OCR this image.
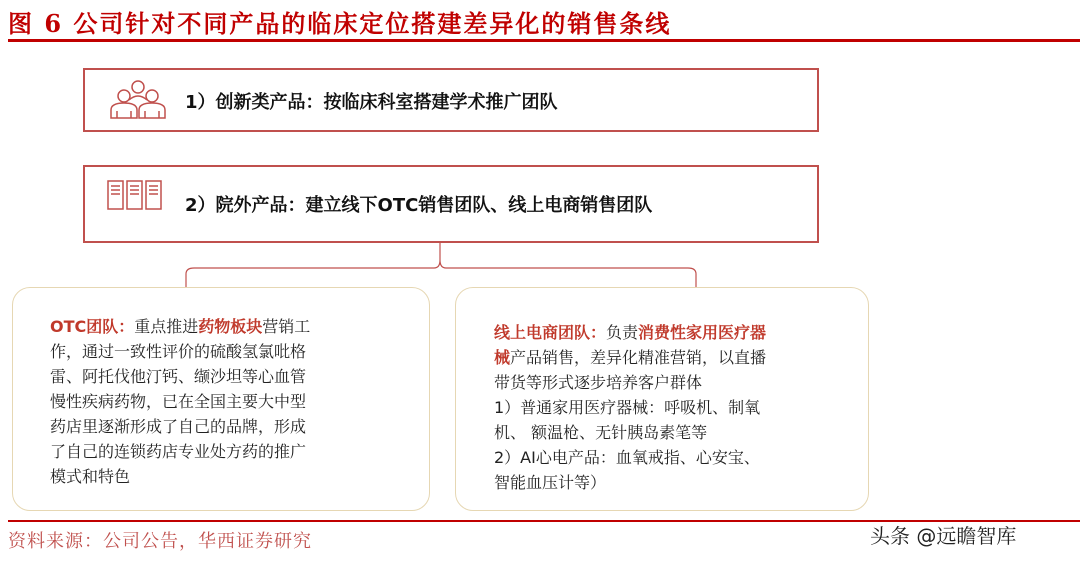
图 6 公司针对不同产品的临床定位搭建差异化的销售条线
1）创新类产品：按临床科室搭建学术推广团队
2）院外产品：建立线下OTC销售团队、线上电商销售团队
OTC团队：重点推进药物板块营销工
作，通过一致性评价的硫酸氢氯吡格
雷、阿托伐他汀钙、缬沙坦等心血管
慢性疾病药物，已在全国主要大中型
药店里逐渐形成了自己的品牌，形成
了自己的连锁药店专业处方药的推广
模式和特色
线上电商团队：负责消费性家用医疗器
械产品销售，差异化精准营销，以直播
带货等形式逐步培养客户群体
1）普通家用医疗器械：呼吸机、制氧
机、 额温枪、无针胰岛素笔等
2）AI心电产品：血氧戒指、心安宝、
智能血压计等）
资料来源：公司公告，华西证券研究	头条 @远瞻智库
